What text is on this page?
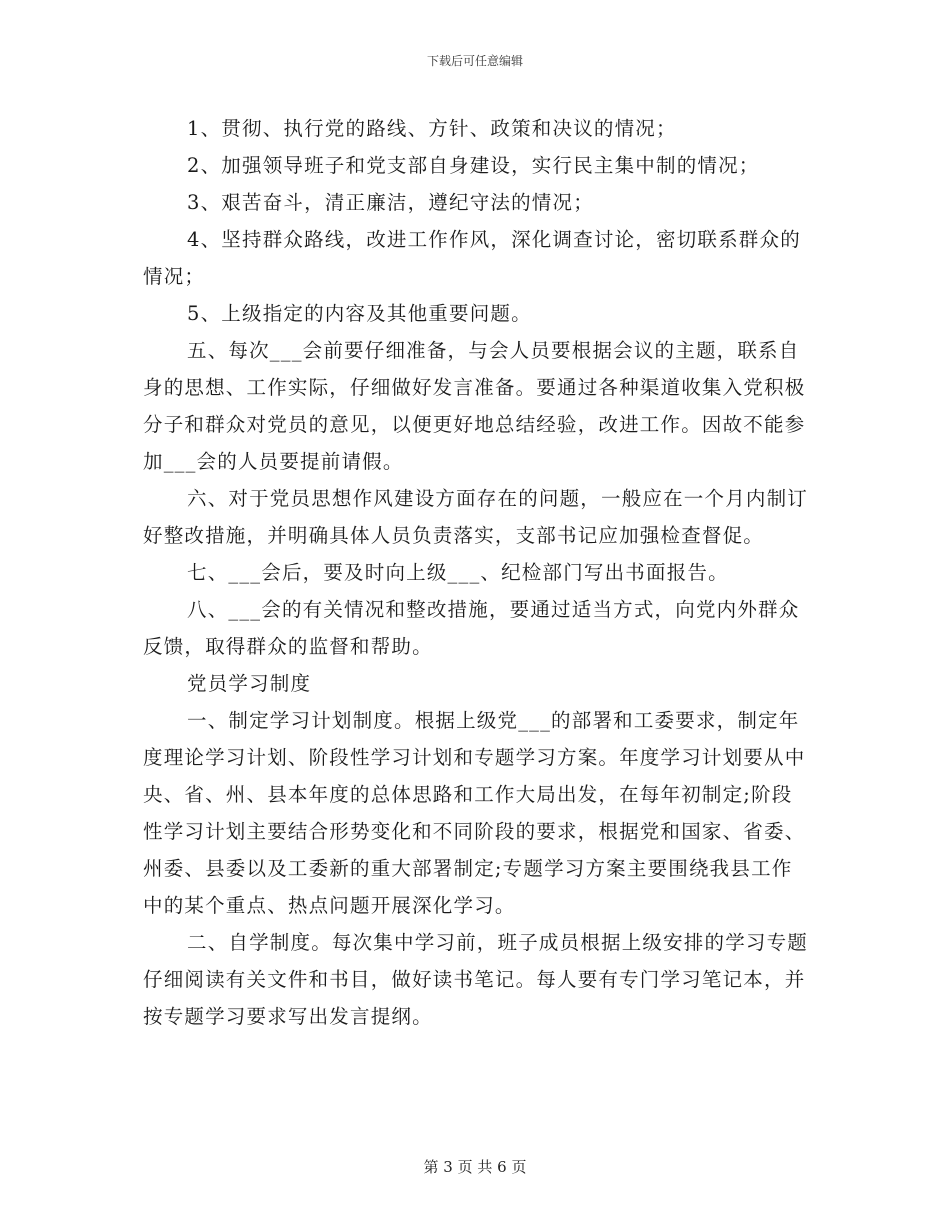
下载后可任意编辑

1、贯彻、执行党的路线、方针、政策和决议的情况；

2、加强领导班子和党支部自身建设，实行民主集中制的情况；

3、艰苦奋斗，清正廉洁，遵纪守法的情况；

4、坚持群众路线，改进工作作风，深化调查讨论，密切联系群众的情况；

5、上级指定的内容及其他重要问题。

五、每次___会前要仔细准备，与会人员要根据会议的主题，联系自身的思想、工作实际，仔细做好发言准备。要通过各种渠道收集入党积极分子和群众对党员的意见，以便更好地总结经验，改进工作。因故不能参加___会的人员要提前请假。

六、对于党员思想作风建设方面存在的问题，一般应在一个月内制订好整改措施，并明确具体人员负责落实，支部书记应加强检查督促。

七、___会后，要及时向上级___、纪检部门写出书面报告。

八、___会的有关情况和整改措施，要通过适当方式，向党内外群众反馈，取得群众的监督和帮助。

党员学习制度

一、制定学习计划制度。根据上级党___的部署和工委要求，制定年度理论学习计划、阶段性学习计划和专题学习方案。年度学习计划要从中央、省、州、县本年度的总体思路和工作大局出发，在每年初制定;阶段性学习计划主要结合形势变化和不同阶段的要求，根据党和国家、省委、州委、县委以及工委新的重大部署制定;专题学习方案主要围绕我县工作中的某个重点、热点问题开展深化学习。

二、自学制度。每次集中学习前，班子成员根据上级安排的学习专题仔细阅读有关文件和书目，做好读书笔记。每人要有专门学习笔记本，并按专题学习要求写出发言提纲。

第 3 页 共 6 页
